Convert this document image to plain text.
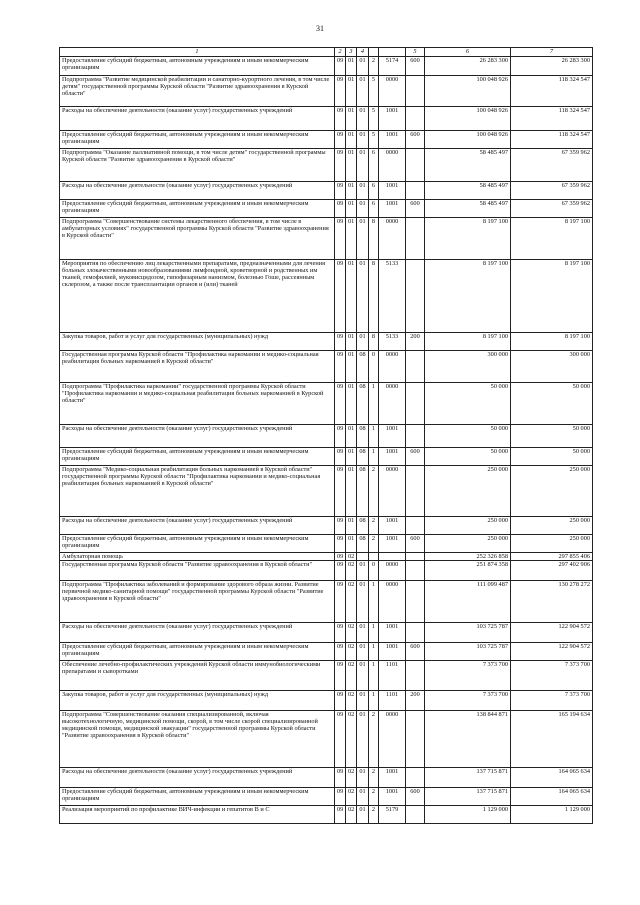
31
1	2	3	4			5	6	7
Предоставление субсидий бюджетным, автономным учреждениям и иным некоммерческим организациям	09	01	01	2	5174	600	26 283 300	26 283 300
Подпрограмма "Развитие медицинской реабилитации и санаторно-курортного лечения, в том числе детям" государственной программы Курской области "Развитие здравоохранения в Курской области"	09	01	01	5	0000		100 048 926	118 324 547
Расходы на обеспечение деятельности (оказание услуг) государственных учреждений	09	01	01	5	1001		100 048 926	118 324 547
Предоставление субсидий бюджетным, автономным учреждениям и иным некоммерческим организациям	09	01	01	5	1001	600	100 048 926	118 324 547
Подпрограмма "Оказание паллиативной помощи, в том числе детям" государственной программы Курской области "Развитие здравоохранения в Курской области"	09	01	01	6	0000		58 485 497	67 359 962
Расходы на обеспечение деятельности (оказание услуг) государственных учреждений	09	01	01	6	1001		58 485 497	67 359 962
Предоставление субсидий бюджетным, автономным учреждениям и иным некоммерческим организациям	09	01	01	6	1001	600	58 485 497	67 359 962
Подпрограмма "Совершенствование системы лекарственного обеспечения, в том числе в амбулаторных условиях" государственной программы Курской области "Развитие здравоохранения в Курской области"	09	01	01	8	0000		8 197 100	8 197 100
Мероприятия по обеспечению лиц лекарственными препаратами, предназначенными для лечения больных злокачественными новообразованиями лимфоидной, кроветворной и родственных им тканей, гемофилией, муковисцидозом, гипофизарным нанизмом, болезнью Гоше, рассеянным склерозом, а также после трансплантации органов и (или) тканей	09	01	01	8	5133		8 197 100	8 197 100
Закупка товаров, работ и услуг для государственных (муниципальных) нужд	09	01	01	8	5133	200	8 197 100	8 197 100
Государственная программа Курской области "Профилактика наркомании и медико-социальная реабилитация больных наркоманией в Курской области"	09	01	08	0	0000		300 000	300 000
Подпрограмма "Профилактика наркомании" государственной программы Курской области "Профилактика наркомании и медико-социальная реабилитация больных наркоманией в Курской области"	09	01	08	1	0000		50 000	50 000
Расходы на обеспечение деятельности (оказание услуг) государственных учреждений	09	01	08	1	1001		50 000	50 000
Предоставление субсидий бюджетным, автономным учреждениям и иным некоммерческим организациям	09	01	08	1	1001	600	50 000	50 000
Подпрограмма "Медико-социальная реабилитация больных наркоманией в Курской области" государственной программы Курской области "Профилактика наркомании и медико-социальная реабилитация больных наркоманией в Курской области"	09	01	08	2	0000		250 000	250 000
Расходы на обеспечение деятельности (оказание услуг) государственных учреждений	09	01	08	2	1001		250 000	250 000
Предоставление субсидий бюджетным, автономным учреждениям и иным некоммерческим организациям	09	01	08	2	1001	600	250 000	250 000
Амбулаторная помощь	09	02					252 326 858	297 855 406
Государственная программа Курской области "Развитие здравоохранения в Курской области"	09	02	01	0	0000		251 874 358	297 402 906
Подпрограмма "Профилактика заболеваний и формирование здорового образа жизни. Развитие первичной медико-санитарной помощи" государственной программы Курской области "Развитие здравоохранения в Курской области"	09	02	01	1	0000		111 099 487	130 278 272
Расходы на обеспечение деятельности (оказание услуг) государственных учреждений	09	02	01	1	1001		103 725 787	122 904 572
Предоставление субсидий бюджетным, автономным учреждениям и иным некоммерческим организациям	09	02	01	1	1001	600	103 725 787	122 904 572
Обеспечение лечебно-профилактических учреждений Курской области иммунобиологическими препаратами и сыворотками	09	02	01	1	1101		7 373 700	7 373 700
Закупка товаров, работ и услуг для государственных (муниципальных) нужд	09	02	01	1	1101	200	7 373 700	7 373 700
Подпрограмма "Совершенствование оказания специализированной, включая высокотехнологичную, медицинской помощи, скорой, в том числе скорой специализированной медицинской помощи, медицинской эвакуации" государственной программы Курской области "Развитие здравоохранения в Курской области"	09	02	01	2	0000		138 844 871	165 194 634
Расходы на обеспечение деятельности (оказание услуг) государственных учреждений	09	02	01	2	1001		137 715 871	164 065 634
Предоставление субсидий бюджетным, автономным учреждениям и иным некоммерческим организациям	09	02	01	2	1001	600	137 715 871	164 065 634
Реализация мероприятий по профилактике ВИЧ-инфекции и гепатитов В и С	09	02	01	2	5179		1 129 000	1 129 000
